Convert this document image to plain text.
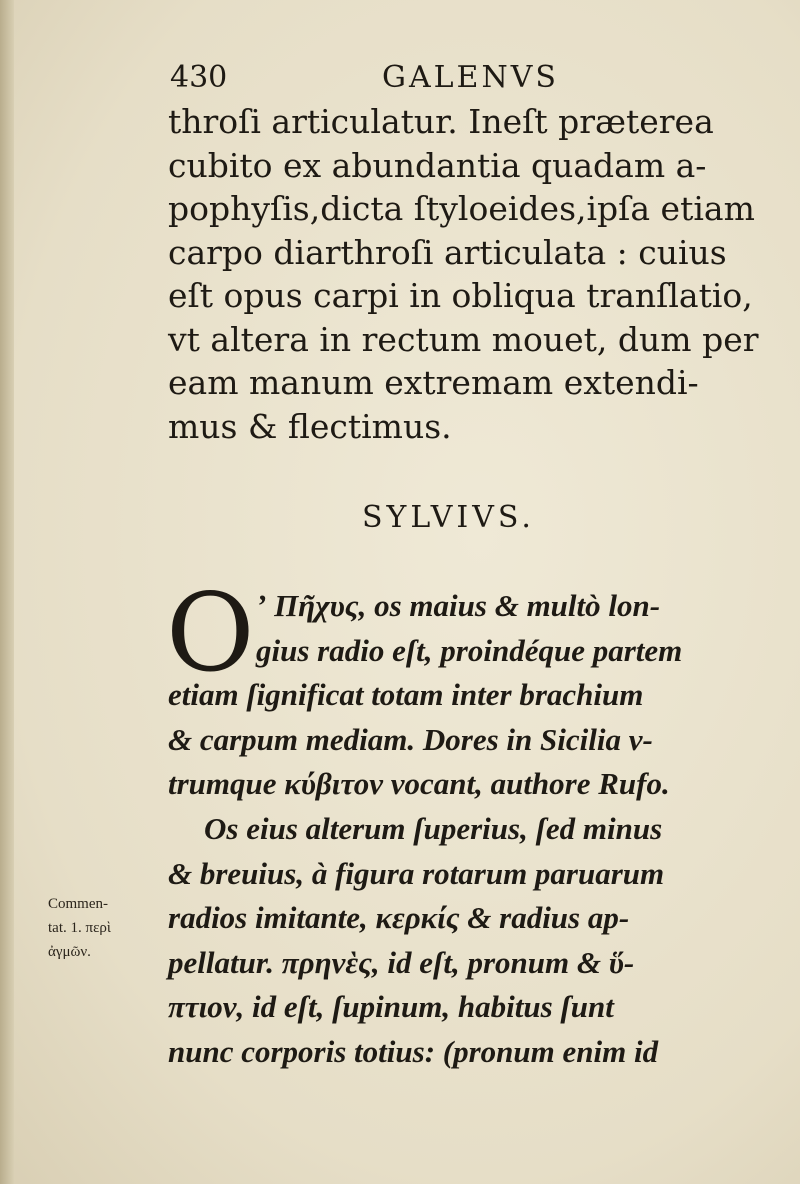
430	GALENVS
throſi articulatur. Ineſt præterea
cubito ex abundantia quadam a-
pophyſis,dicta ſtyloeides,ipſa etiam
carpo diarthroſi articulata : cuius
eſt opus carpi in obliqua tranſlatio,
vt altera in rectum mouet, dum per
eam manum extremam extendi-
mus & flectimus.
SYLVIVS.
O ʼ Πῆχυς, os maius & multò lon-
gius radio eſt, proindéque partem
etiam ſignificat totam inter brachium
& carpum mediam. Dores in Sicilia v-
trumque κύβιτον vocant, authore Rufo.
Os eius alterum ſuperius, ſed minus
& breuius, à figura rotarum paruarum
radios imitante, κερκίς & radius ap-
pellatur. πρηνὲς, id eſt, pronum & ὕ-
πτιον, id eſt, ſupinum, habitus ſunt
nunc corporis totius: (pronum enim id
Commen-
tat. 1. περὶ
ἀγμῶν.
